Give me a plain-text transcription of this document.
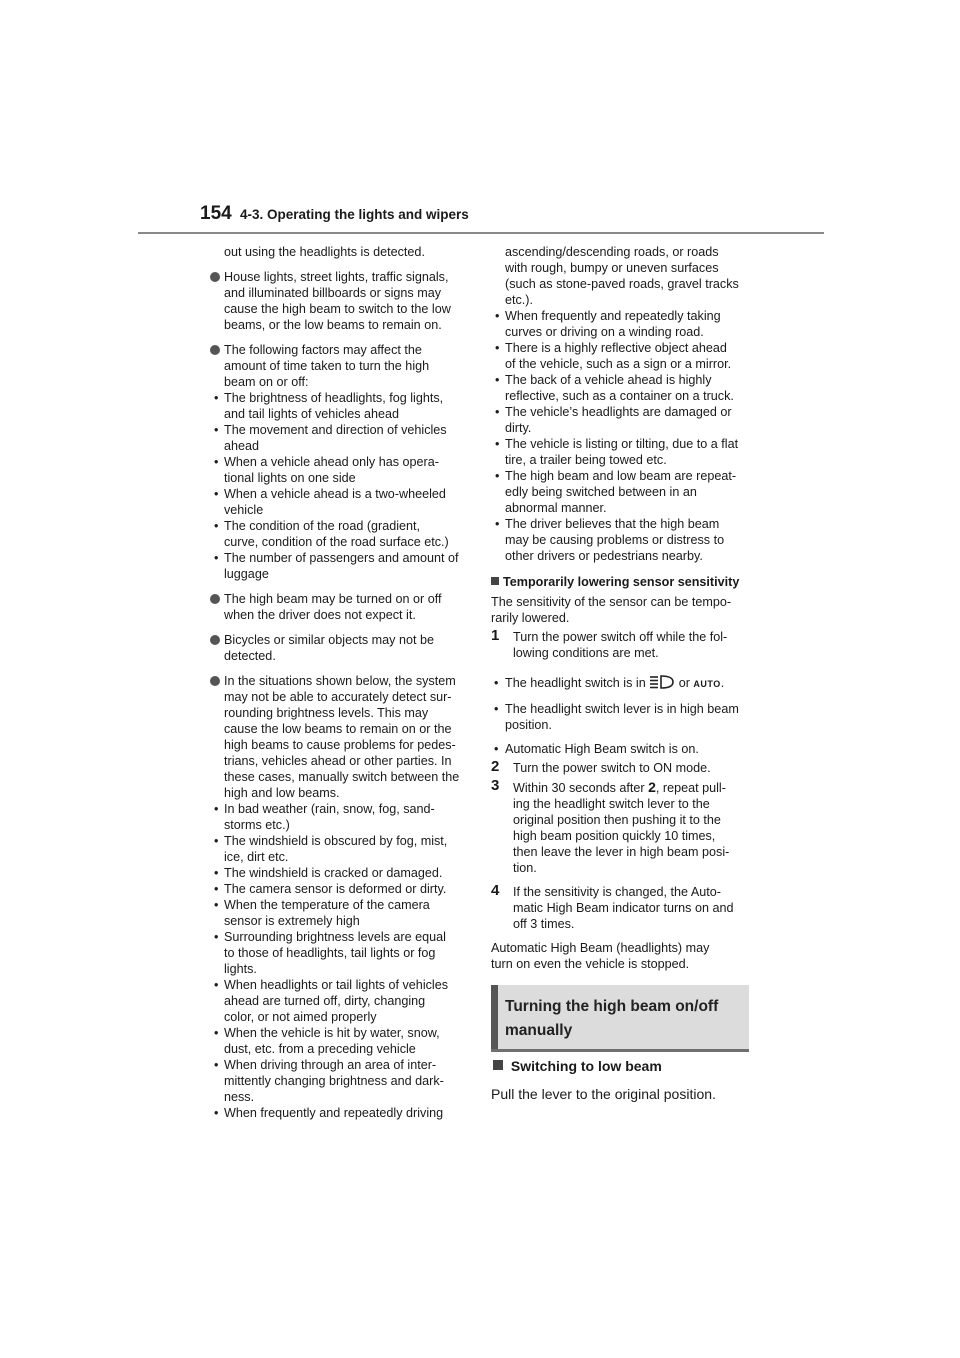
154 4-3. Operating the lights and wipers
out using the headlights is detected.
House lights, street lights, traffic signals,
and illuminated billboards or signs may
cause the high beam to switch to the low
beams, or the low beams to remain on.
The following factors may affect the
amount of time taken to turn the high
beam on or off:
• The brightness of headlights, fog lights,
and tail lights of vehicles ahead
• The movement and direction of vehicles
ahead
• When a vehicle ahead only has opera-
tional lights on one side
• When a vehicle ahead is a two-wheeled
vehicle
• The condition of the road (gradient,
curve, condition of the road surface etc.)
• The number of passengers and amount of
luggage
The high beam may be turned on or off
when the driver does not expect it.
Bicycles or similar objects may not be
detected.
In the situations shown below, the system
may not be able to accurately detect sur-
rounding brightness levels. This may
cause the low beams to remain on or the
high beams to cause problems for pedes-
trians, vehicles ahead or other parties. In
these cases, manually switch between the
high and low beams.
• In bad weather (rain, snow, fog, sand-
storms etc.)
• The windshield is obscured by fog, mist,
ice, dirt etc.
• The windshield is cracked or damaged.
• The camera sensor is deformed or dirty.
• When the temperature of the camera
sensor is extremely high
• Surrounding brightness levels are equal
to those of headlights, tail lights or fog
lights.
• When headlights or tail lights of vehicles
ahead are turned off, dirty, changing
color, or not aimed properly
• When the vehicle is hit by water, snow,
dust, etc. from a preceding vehicle
• When driving through an area of inter-
mittently changing brightness and dark-
ness.
• When frequently and repeatedly driving
ascending/descending roads, or roads
with rough, bumpy or uneven surfaces
(such as stone-paved roads, gravel tracks
etc.).
• When frequently and repeatedly taking
curves or driving on a winding road.
• There is a highly reflective object ahead
of the vehicle, such as a sign or a mirror.
• The back of a vehicle ahead is highly
reflective, such as a container on a truck.
• The vehicle’s headlights are damaged or
dirty.
• The vehicle is listing or tilting, due to a flat
tire, a trailer being towed etc.
• The high beam and low beam are repeat-
edly being switched between in an
abnormal manner.
• The driver believes that the high beam
may be causing problems or distress to
other drivers or pedestrians nearby.
Temporarily lowering sensor sensitivity
The sensitivity of the sensor can be tempo-
rarily lowered.
1 Turn the power switch off while the fol-
lowing conditions are met.
• The headlight switch is in	or AUTO.
• The headlight switch lever is in high beam
position.
• Automatic High Beam switch is on.
2 Turn the power switch to ON mode.
3 Within 30 seconds after 2, repeat pull-
ing the headlight switch lever to the
original position then pushing it to the
high beam position quickly 10 times,
then leave the lever in high beam posi-
tion.
4 If the sensitivity is changed, the Auto-
matic High Beam indicator turns on and
off 3 times.
Automatic High Beam (headlights) may
turn on even the vehicle is stopped.
Turning the high beam on/off
manually
Switching to low beam
Pull the lever to the original position.
